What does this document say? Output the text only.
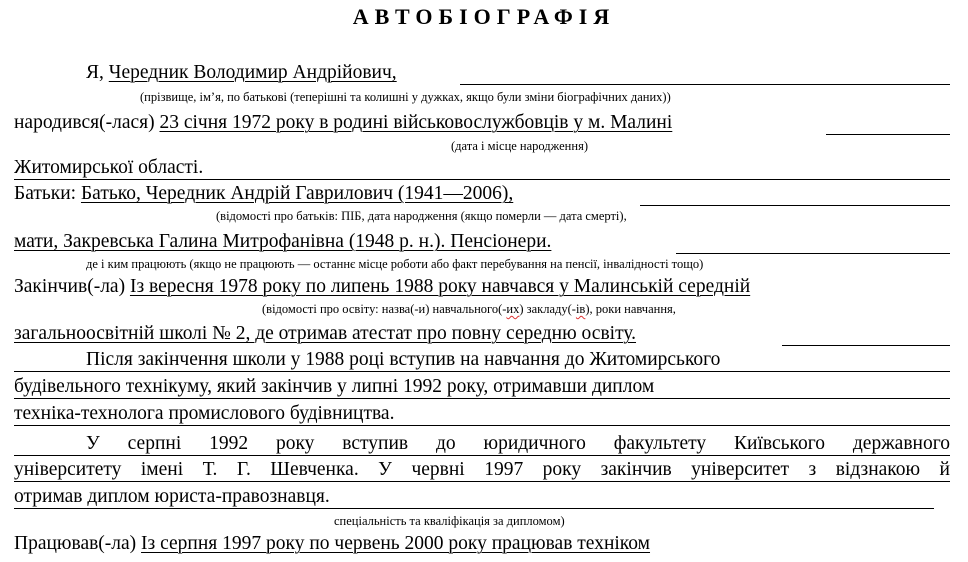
АВТОБІОГРАФІЯ
Я, Чередник Володимир Андрійович,
(прізвище, ім’я, по батькові (теперішні та колишні у дужках, якщо були зміни біографічних даних))
народився(-лася) 23 січня 1972 року в родині військовослужбовців у м. Малині
(дата і місце народження)
Житомирської області.
Батьки: Батько, Чередник Андрій Гаврилович (1941—2006),
(відомості про батьків: ПІБ, дата народження (якщо померли — дата смерті),
мати, Закревська Галина Митрофанівна (1948 р. н.). Пенсіонери.
де і ким працюють (якщо не працюють — останнє місце роботи або факт перебування на пенсії, інвалідності тощо)
Закінчив(-ла) Із вересня 1978 року по липень 1988 року навчався у Малинській середній
(відомості про освіту: назва(-и) навчального(-их) закладу(-ів), роки навчання,
загальноосвітній школі № 2, де отримав атестат про повну середню освіту.
Після закінчення школи у 1988 році вступив на навчання до Житомирського
будівельного технікуму, який закінчив у липні 1992 року, отримавши диплом
техніка-технолога промислового будівництва.
У серпні 1992 року вступив до юридичного факультету Київського державного
університету імені Т. Г. Шевченка. У червні 1997 року закінчив університет з відзнакою й
отримав диплом юриста-правознавця.
спеціальність та кваліфікація за дипломом)
Працював(-ла) Із серпня 1997 року по червень 2000 року працював техніком
